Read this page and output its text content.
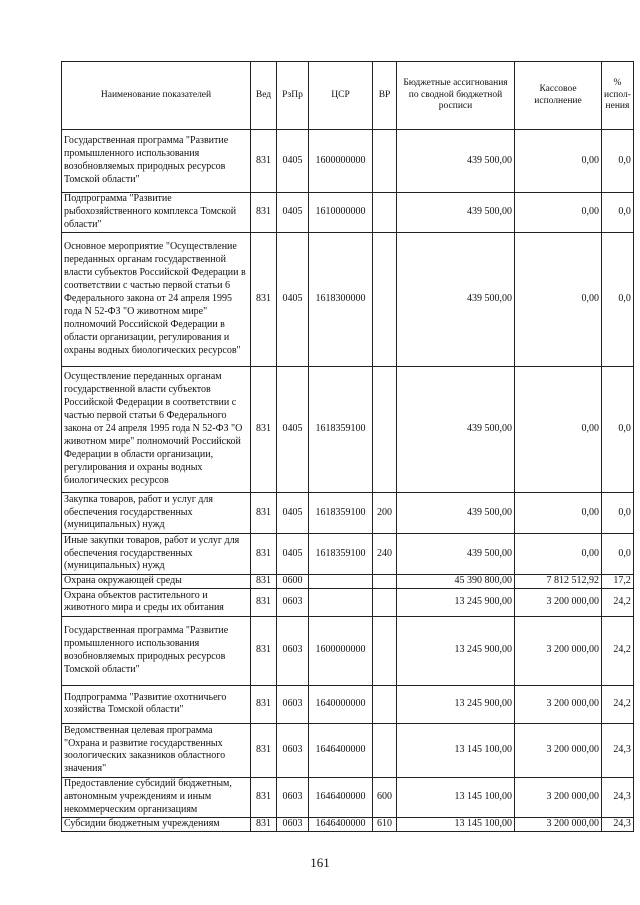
Наименование показателей	Вед	РзПр	ЦСР	ВР	Бюджетные ассигнования по сводной бюджетной росписи	Кассовое исполнение	% испол-нения
Государственная программа "Развитие промышленного использования возобновляемых природных ресурсов Томской области"	831	0405	1600000000		439 500,00	0,00	0,0
Подпрограмма "Развитие рыбохозяйственного комплекса Томской области"	831	0405	1610000000		439 500,00	0,00	0,0
Основное мероприятие "Осуществление переданных органам государственной власти субъектов Российской Федерации в соответствии с частью первой статьи 6 Федерального закона от 24 апреля 1995 года N 52-ФЗ "О животном мире" полномочий Российской Федерации в области организации, регулирования и охраны водных биологических ресурсов"	831	0405	1618300000		439 500,00	0,00	0,0
Осуществление переданных органам государственной власти субъектов Российской Федерации в соответствии с частью первой статьи 6 Федерального закона от 24 апреля 1995 года N 52-ФЗ "О животном мире" полномочий Российской Федерации в области организации, регулирования и охраны водных биологических ресурсов	831	0405	1618359100		439 500,00	0,00	0,0
Закупка товаров, работ и услуг для обеспечения государственных (муниципальных) нужд	831	0405	1618359100	200	439 500,00	0,00	0,0
Иные закупки товаров, работ и услуг для обеспечения государственных (муниципальных) нужд	831	0405	1618359100	240	439 500,00	0,00	0,0
Охрана окружающей среды	831	0600			45 390 800,00	7 812 512,92	17,2
Охрана объектов растительного и животного мира и среды их обитания	831	0603			13 245 900,00	3 200 000,00	24,2
Государственная программа "Развитие промышленного использования возобновляемых природных ресурсов Томской области"	831	0603	1600000000		13 245 900,00	3 200 000,00	24,2
Подпрограмма "Развитие охотничьего хозяйства Томской области"	831	0603	1640000000		13 245 900,00	3 200 000,00	24,2
Ведомственная целевая программа "Охрана и развитие государственных зоологических заказников областного значения"	831	0603	1646400000		13 145 100,00	3 200 000,00	24,3
Предоставление субсидий бюджетным, автономным учреждениям и иным некоммерческим организациям	831	0603	1646400000	600	13 145 100,00	3 200 000,00	24,3
Субсидии бюджетным учреждениям	831	0603	1646400000	610	13 145 100,00	3 200 000,00	24,3
161
